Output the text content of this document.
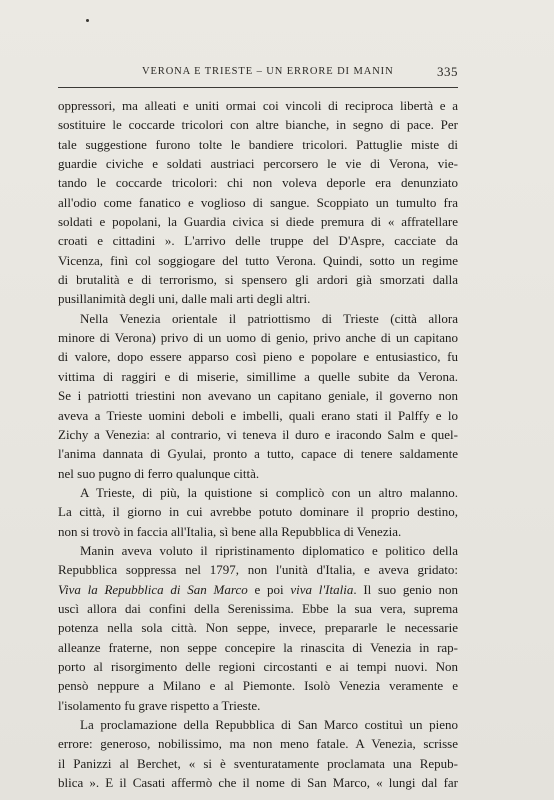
VERONA E TRIESTE – UN ERRORE DI MANIN	335
oppressori, ma alleati e uniti ormai coi vincoli di reciproca libertà e a
sostituire le coccarde tricolori con altre bianche, in segno di pace. Per
tale suggestione furono tolte le bandiere tricolori. Pattuglie miste di
guardie civiche e soldati austriaci percorsero le vie di Verona, vie-
tando le coccarde tricolori: chi non voleva deporle era denunziato
all'odio come fanatico e voglioso di sangue. Scoppiato un tumulto fra
soldati e popolani, la Guardia civica si diede premura di « affratellare
croati e cittadini ». L'arrivo delle truppe del D'Aspre, cacciate da
Vicenza, finì col soggiogare del tutto Verona. Quindi, sotto un regime
di brutalità e di terrorismo, si spensero gli ardori già smorzati dalla
pusillanimità degli uni, dalle mali arti degli altri.
Nella Venezia orientale il patriottismo di Trieste (città allora
minore di Verona) privo di un uomo di genio, privo anche di un capitano
di valore, dopo essere apparso così pieno e popolare e entusiastico, fu
vittima di raggiri e di miserie, simillime a quelle subite da Verona.
Se i patriotti triestini non avevano un capitano geniale, il governo non
aveva a Trieste uomini deboli e imbelli, quali erano stati il Palffy e lo
Zichy a Venezia: al contrario, vi teneva il duro e iracondo Salm e quel-
l'anima dannata di Gyulai, pronto a tutto, capace di tenere saldamente
nel suo pugno di ferro qualunque città.
A Trieste, di più, la quistione si complicò con un altro malanno.
La città, il giorno in cui avrebbe potuto dominare il proprio destino,
non si trovò in faccia all'Italia, sì bene alla Repubblica di Venezia.
Manin aveva voluto il ripristinamento diplomatico e politico della
Repubblica soppressa nel 1797, non l'unità d'Italia, e aveva gridato:
Viva la Repubblica di San Marco e poi viva l'Italia. Il suo genio non
uscì allora dai confini della Serenissima. Ebbe la sua vera, suprema
potenza nella sola città. Non seppe, invece, prepararle le necessarie
alleanze fraterne, non seppe concepire la rinascita di Venezia in rap-
porto al risorgimento delle regioni circostanti e ai tempi nuovi. Non
pensò neppure a Milano e al Piemonte. Isolò Venezia veramente e
l'isolamento fu grave rispetto a Trieste.
La proclamazione della Repubblica di San Marco costituì un pieno
errore: generoso, nobilissimo, ma non meno fatale. A Venezia, scrisse
il Panizzi al Berchet, « si è sventuratamente proclamata una Repub-
blica ». E il Casati affermò che il nome di San Marco, « lungi dal far
